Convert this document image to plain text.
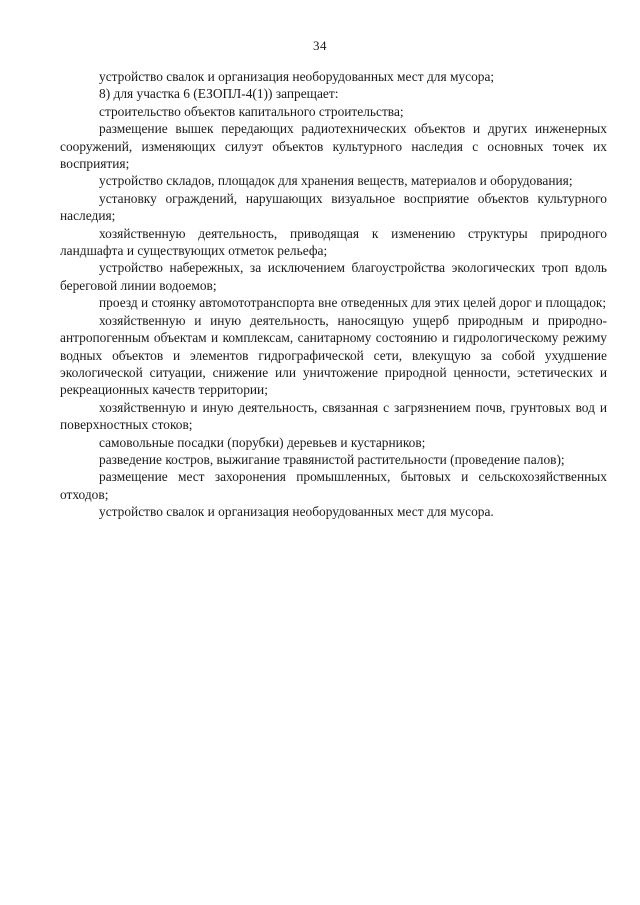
34

устройство свалок и организация необорудованных мест для мусора;

8) для участка 6 (ЕЗОПЛ-4(1)) запрещает:

строительство объектов капитального строительства;

размещение вышек передающих радиотехнических объектов и других инженерных сооружений, изменяющих силуэт объектов культурного наследия с основных точек их восприятия;

устройство складов, площадок для хранения веществ, материалов и оборудования;

установку ограждений, нарушающих визуальное восприятие объектов культурного наследия;

хозяйственную деятельность, приводящая к изменению структуры природного ландшафта и существующих отметок рельефа;

устройство набережных, за исключением благоустройства экологических троп вдоль береговой линии водоемов;

проезд и стоянку автомототранспорта вне отведенных для этих целей дорог и площадок;

хозяйственную и иную деятельность, наносящую ущерб природным и природно-антропогенным объектам и комплексам, санитарному состоянию и гидрологическому режиму водных объектов и элементов гидрографической сети, влекущую за собой ухудшение экологической ситуации, снижение или уничтожение природной ценности, эстетических и рекреационных качеств территории;

хозяйственную и иную деятельность, связанная с загрязнением почв, грунтовых вод и поверхностных стоков;

самовольные посадки (порубки) деревьев и кустарников;

разведение костров, выжигание травянистой растительности (проведение палов);

размещение мест захоронения промышленных, бытовых и сельскохозяйственных отходов;

устройство свалок и организация необорудованных мест для мусора.
